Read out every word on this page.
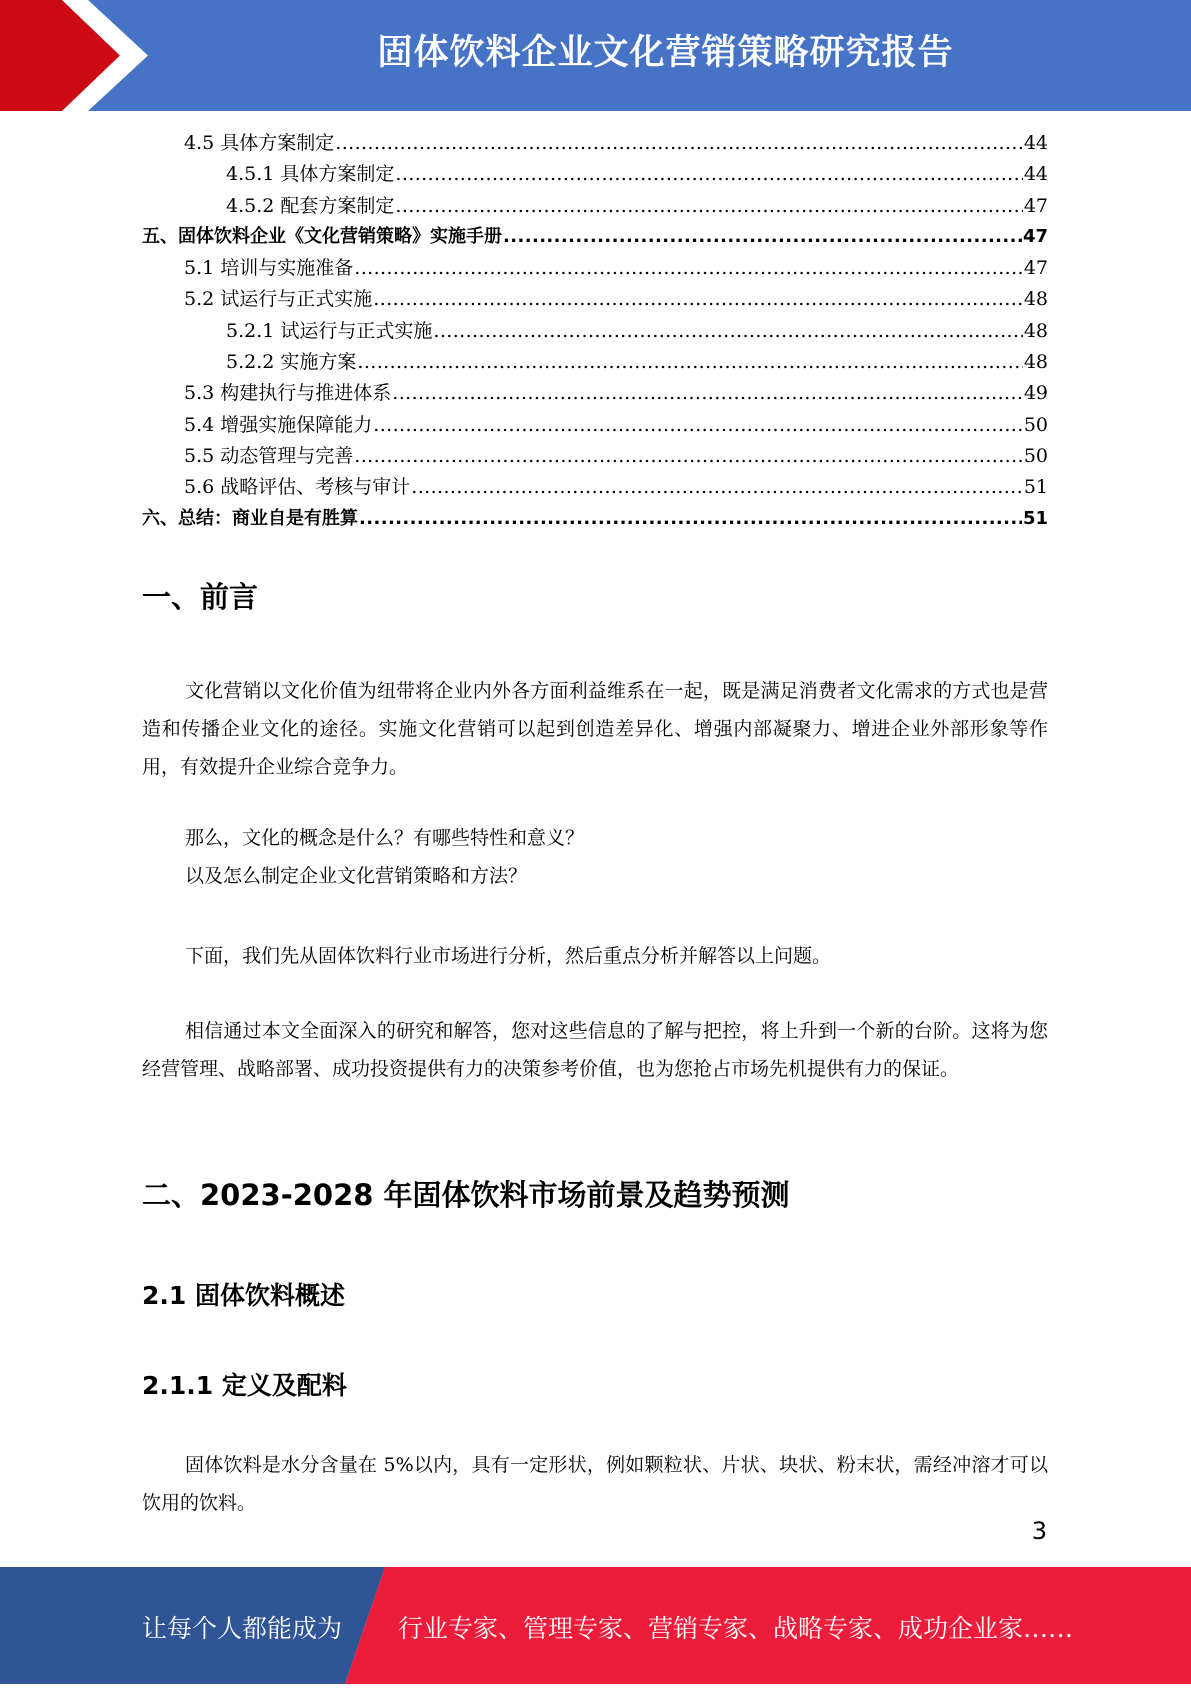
固体饮料企业文化营销策略研究报告
4.5 具体方案制定 .....	44
4.5.1 具体方案制定 .....	44
4.5.2 配套方案制定 .....	47
五、固体饮料企业《文化营销策略》实施手册 .....	47
5.1 培训与实施准备 .....	47
5.2 试运行与正式实施 .....	48
5.2.1 试运行与正式实施 .....	48
5.2.2 实施方案 .....	48
5.3 构建执行与推进体系 .....	49
5.4 增强实施保障能力 .....	50
5.5 动态管理与完善 .....	50
5.6 战略评估、考核与审计 .....	51
六、总结：商业自是有胜算 .....	51
一、前言

文化营销以文化价值为纽带将企业内外各方面利益维系在一起，既是满足消费者文化需求的方式也是营造和传播企业文化的途径。实施文化营销可以起到创造差异化、增强内部凝聚力、增进企业外部形象等作用，有效提升企业综合竞争力。

那么，文化的概念是什么？有哪些特性和意义？

以及怎么制定企业文化营销策略和方法？

下面，我们先从固体饮料行业市场进行分析，然后重点分析并解答以上问题。

相信通过本文全面深入的研究和解答，您对这些信息的了解与把控，将上升到一个新的台阶。这将为您经营管理、战略部署、成功投资提供有力的决策参考价值，也为您抢占市场先机提供有力的保证。

二、2023-2028 年固体饮料市场前景及趋势预测
2.1 固体饮料概述
2.1.1 定义及配料

固体饮料是水分含量在 5%以内，具有一定形状，例如颗粒状、片状、块状、粉末状，需经冲溶才可以饮用的饮料。

3
让每个人都能成为 行业专家、管理专家、营销专家、战略专家、成功企业家……
